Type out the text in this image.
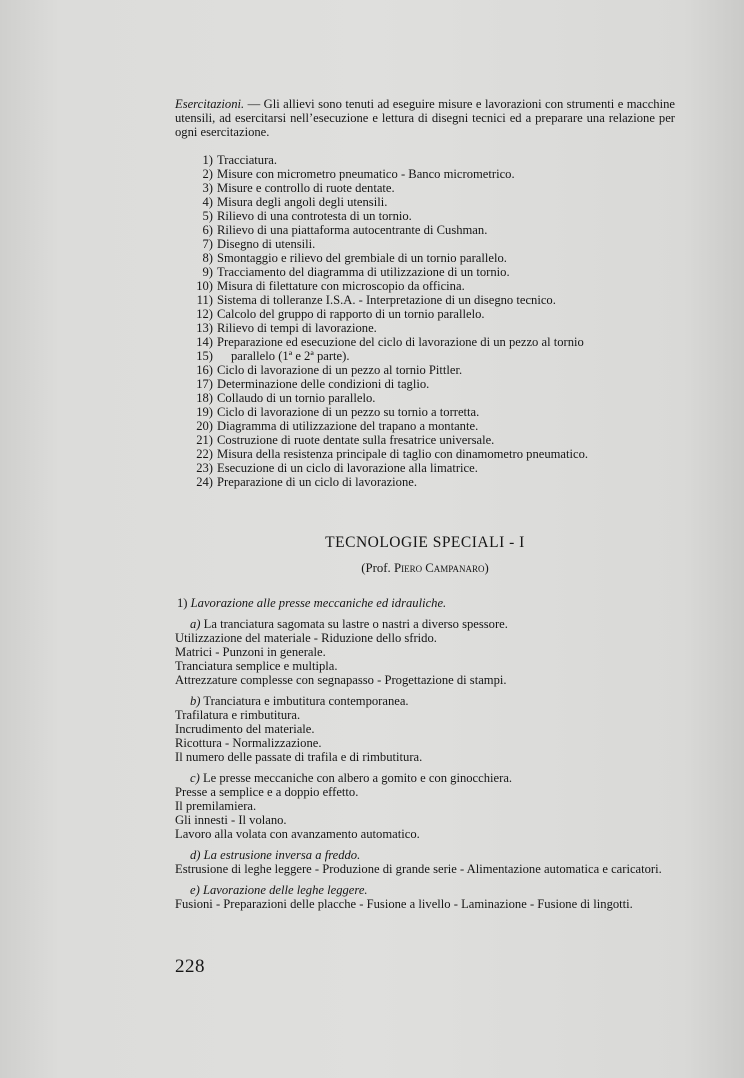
Esercitazioni. — Gli allievi sono tenuti ad eseguire misure e lavorazioni con strumenti e macchine utensili, ad esercitarsi nell’esecuzione e lettura di disegni tecnici ed a preparare una relazione per ogni esercitazione.

1) Tracciatura.
2) Misure con micrometro pneumatico - Banco micrometrico.
3) Misure e controllo di ruote dentate.
4) Misura degli angoli degli utensili.
5) Rilievo di una controtesta di un tornio.
6) Rilievo di una piattaforma autocentrante di Cushman.
7) Disegno di utensili.
8) Smontaggio e rilievo del grembiale di un tornio parallelo.
9) Tracciamento del diagramma di utilizzazione di un tornio.
10) Misura di filettature con microscopio da officina.
11) Sistema di tolleranze I.S.A. - Interpretazione di un disegno tecnico.
12) Calcolo del gruppo di rapporto di un tornio parallelo.
13) Rilievo di tempi di lavorazione.
14) Preparazione ed esecuzione del ciclo di lavorazione di un pezzo al tornio
15)	parallelo (1ª e 2ª parte).
16) Ciclo di lavorazione di un pezzo al tornio Pittler.
17) Determinazione delle condizioni di taglio.
18) Collaudo di un tornio parallelo.
19) Ciclo di lavorazione di un pezzo su tornio a torretta.
20) Diagramma di utilizzazione del trapano a montante.
21) Costruzione di ruote dentate sulla fresatrice universale.
22) Misura della resistenza principale di taglio con dinamometro pneumatico.
23) Esecuzione di un ciclo di lavorazione alla limatrice.
24) Preparazione di un ciclo di lavorazione.
TECNOLOGIE SPECIALI - I

(Prof. Piero Campanaro)

1) Lavorazione alle presse meccaniche ed idrauliche.

a) La tranciatura sagomata su lastre o nastri a diverso spessore.

Utilizzazione del materiale - Riduzione dello sfrido.

Matrici - Punzoni in generale.

Tranciatura semplice e multipla.

Attrezzature complesse con segnapasso - Progettazione di stampi.

b) Tranciatura e imbutitura contemporanea.

Trafilatura e rimbutitura.

Incrudimento del materiale.

Ricottura - Normalizzazione.

Il numero delle passate di trafila e di rimbutitura.

c) Le presse meccaniche con albero a gomito e con ginocchiera.

Presse a semplice e a doppio effetto.

Il premilamiera.

Gli innesti - Il volano.

Lavoro alla volata con avanzamento automatico.

d) La estrusione inversa a freddo.

Estrusione di leghe leggere - Produzione di grande serie - Alimentazione automatica e caricatori.

e) Lavorazione delle leghe leggere.

Fusioni - Preparazioni delle placche - Fusione a livello - Laminazione - Fusione di lingotti.

228
